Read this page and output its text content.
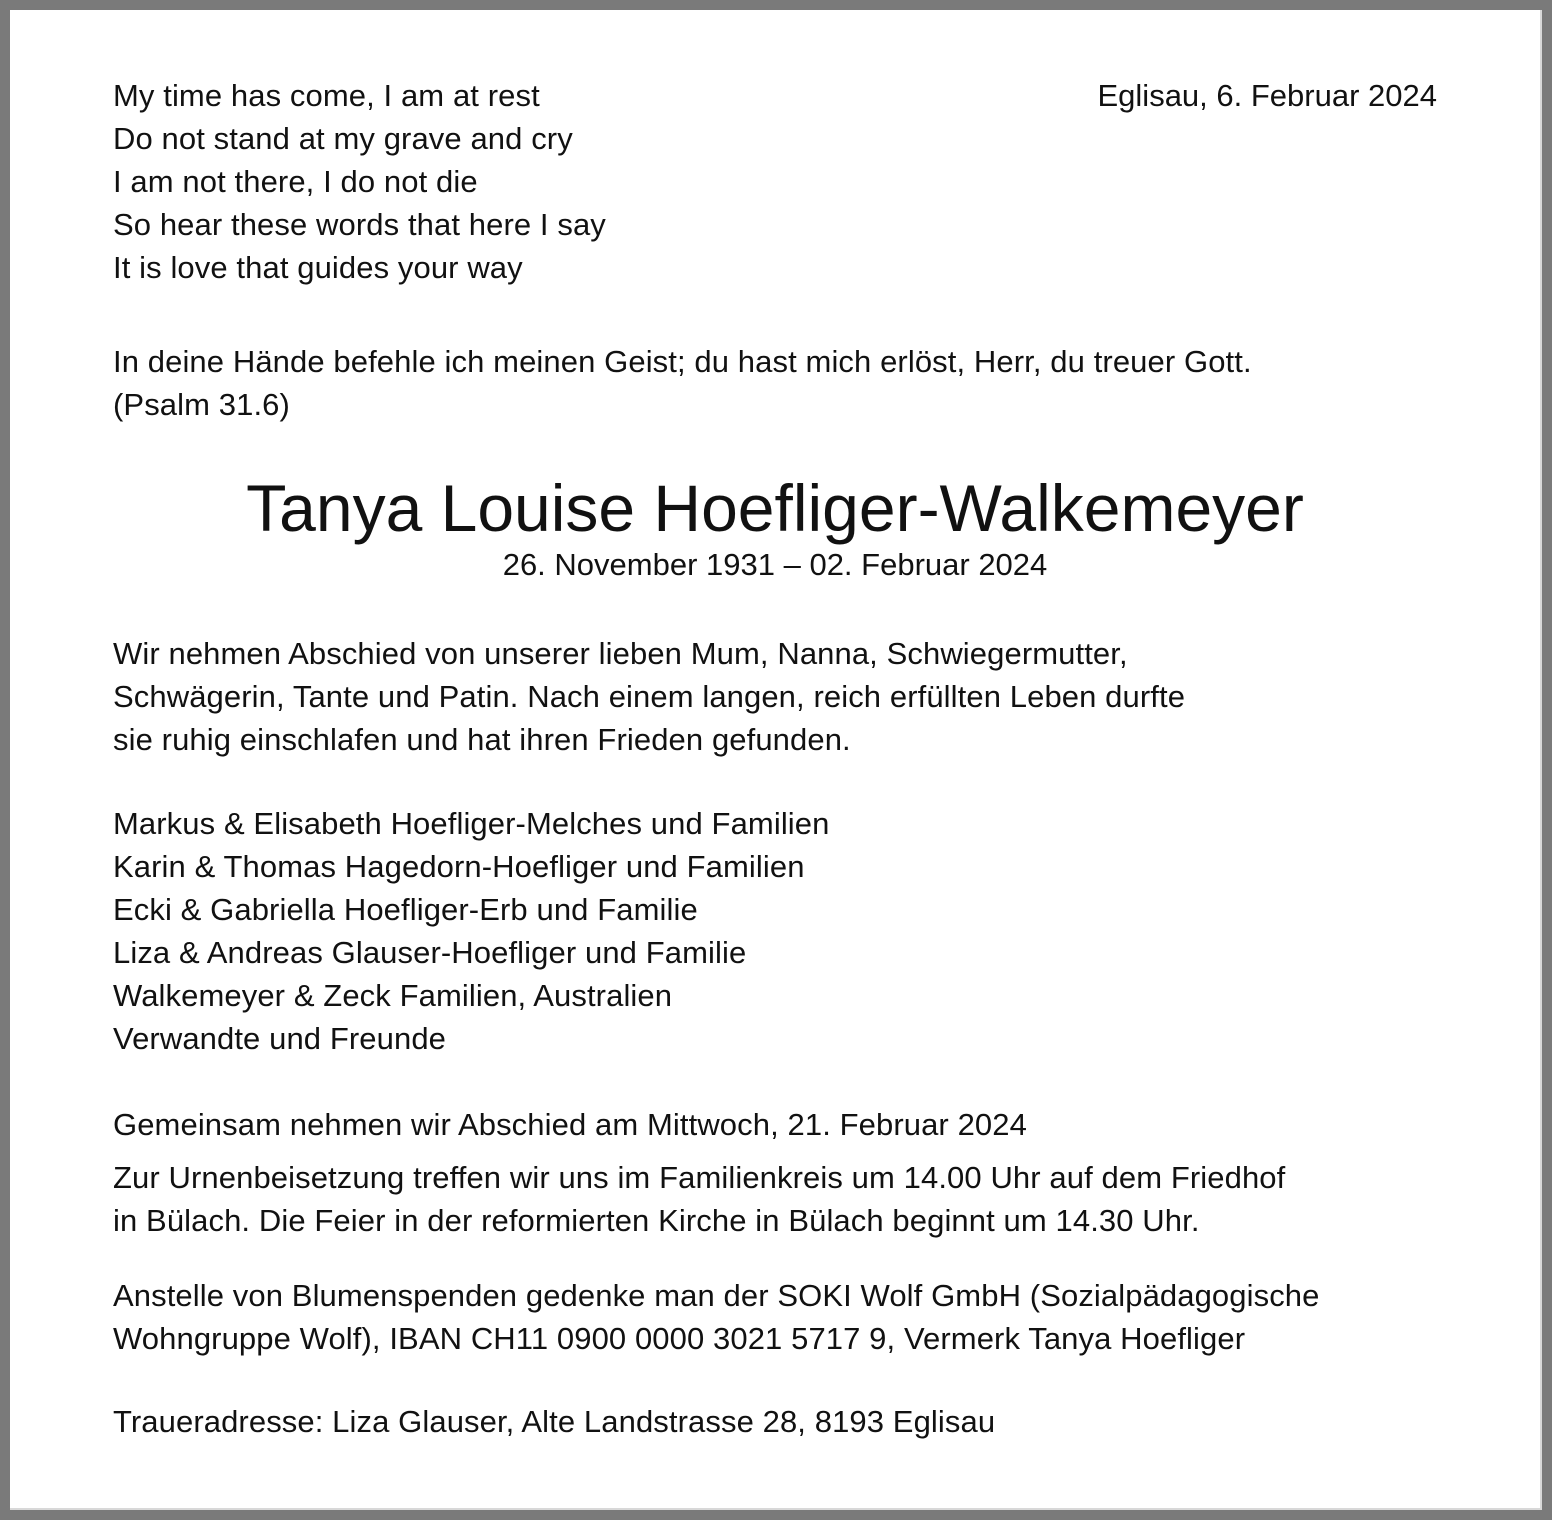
Eglisau, 6. Februar 2024
My time has come, I am at rest
Do not stand at my grave and cry
I am not there, I do not die
So hear these words that here I say
It is love that guides your way
In deine Hände befehle ich meinen Geist; du hast mich erlöst, Herr, du treuer Gott.
(Psalm 31.6)
Tanya Louise Hoefliger-Walkemeyer
26. November 1931 – 02. Februar 2024
Wir nehmen Abschied von unserer lieben Mum, Nanna, Schwiegermutter,
Schwägerin, Tante und Patin. Nach einem langen, reich erfüllten Leben durfte
sie ruhig einschlafen und hat ihren Frieden gefunden.
Markus & Elisabeth Hoefliger-Melches und Familien
Karin & Thomas Hagedorn-Hoefliger und Familien
Ecki & Gabriella Hoefliger-Erb und Familie
Liza & Andreas Glauser-Hoefliger und Familie
Walkemeyer & Zeck Familien, Australien
Verwandte und Freunde
Gemeinsam nehmen wir Abschied am Mittwoch, 21. Februar 2024
Zur Urnenbeisetzung treffen wir uns im Familienkreis um 14.00 Uhr auf dem Friedhof
in Bülach. Die Feier in der reformierten Kirche in Bülach beginnt um 14.30 Uhr.
Anstelle von Blumenspenden gedenke man der SOKI Wolf GmbH (Sozialpädagogische
Wohngruppe Wolf), IBAN CH11 0900 0000 3021 5717 9, Vermerk Tanya Hoefliger
Traueradresse: Liza Glauser, Alte Landstrasse 28, 8193 Eglisau
